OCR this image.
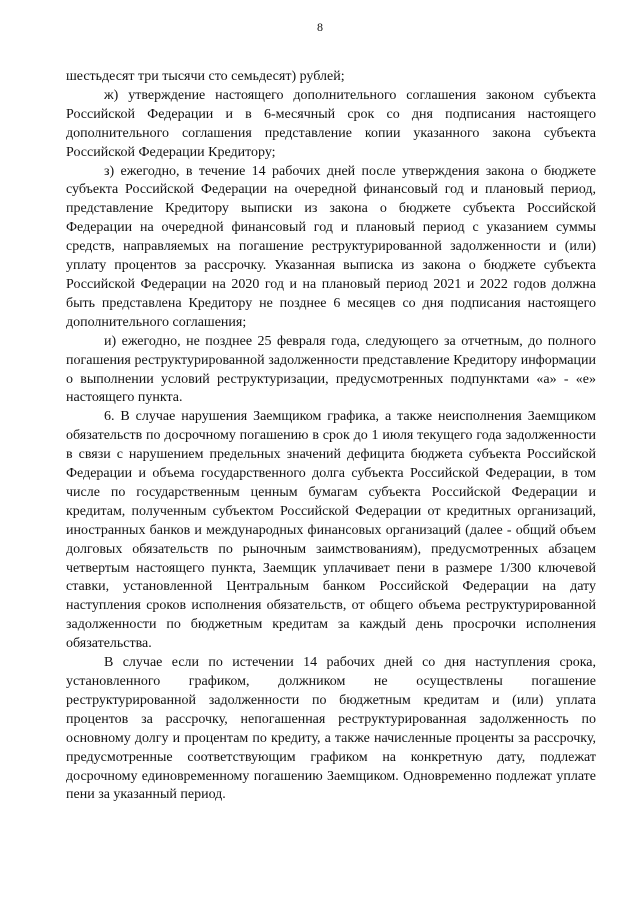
8

шестьдесят три тысячи сто семьдесят) рублей;

ж) утверждение настоящего дополнительного соглашения законом субъекта Российской Федерации и в 6-месячный срок со дня подписания настоящего дополнительного соглашения представление копии указанного закона субъекта Российской Федерации Кредитору;

з) ежегодно, в течение 14 рабочих дней после утверждения закона о бюджете субъекта Российской Федерации на очередной финансовый год и плановый период, представление Кредитору выписки из закона о бюджете субъекта Российской Федерации на очередной финансовый год и плановый период с указанием суммы средств, направляемых на погашение реструктурированной задолженности и (или) уплату процентов за рассрочку. Указанная выписка из закона о бюджете субъекта Российской Федерации на 2020 год и на плановый период 2021 и 2022 годов должна быть представлена Кредитору не позднее 6 месяцев со дня подписания настоящего дополнительного соглашения;

и) ежегодно, не позднее 25 февраля года, следующего за отчетным, до полного погашения реструктурированной задолженности представление Кредитору информации о выполнении условий реструктуризации, предусмотренных подпунктами «а» - «е» настоящего пункта.

6. В случае нарушения Заемщиком графика, а также неисполнения Заемщиком обязательств по досрочному погашению в срок до 1 июля текущего года задолженности в связи с нарушением предельных значений дефицита бюджета субъекта Российской Федерации и объема государственного долга субъекта Российской Федерации, в том числе по государственным ценным бумагам субъекта Российской Федерации и кредитам, полученным субъектом Российской Федерации от кредитных организаций, иностранных банков и международных финансовых организаций (далее - общий объем долговых обязательств по рыночным заимствованиям), предусмотренных абзацем четвертым настоящего пункта, Заемщик уплачивает пени в размере 1/300 ключевой ставки, установленной Центральным банком Российской Федерации на дату наступления сроков исполнения обязательств, от общего объема реструктурированной задолженности по бюджетным кредитам за каждый день просрочки исполнения обязательства.

В случае если по истечении 14 рабочих дней со дня наступления срока, установленного графиком, должником не осуществлены погашение реструктурированной задолженности по бюджетным кредитам и (или) уплата процентов за рассрочку, непогашенная реструктурированная задолженность по основному долгу и процентам по кредиту, а также начисленные проценты за рассрочку, предусмотренные соответствующим графиком на конкретную дату, подлежат досрочному единовременному погашению Заемщиком. Одновременно подлежат уплате пени за указанный период.
